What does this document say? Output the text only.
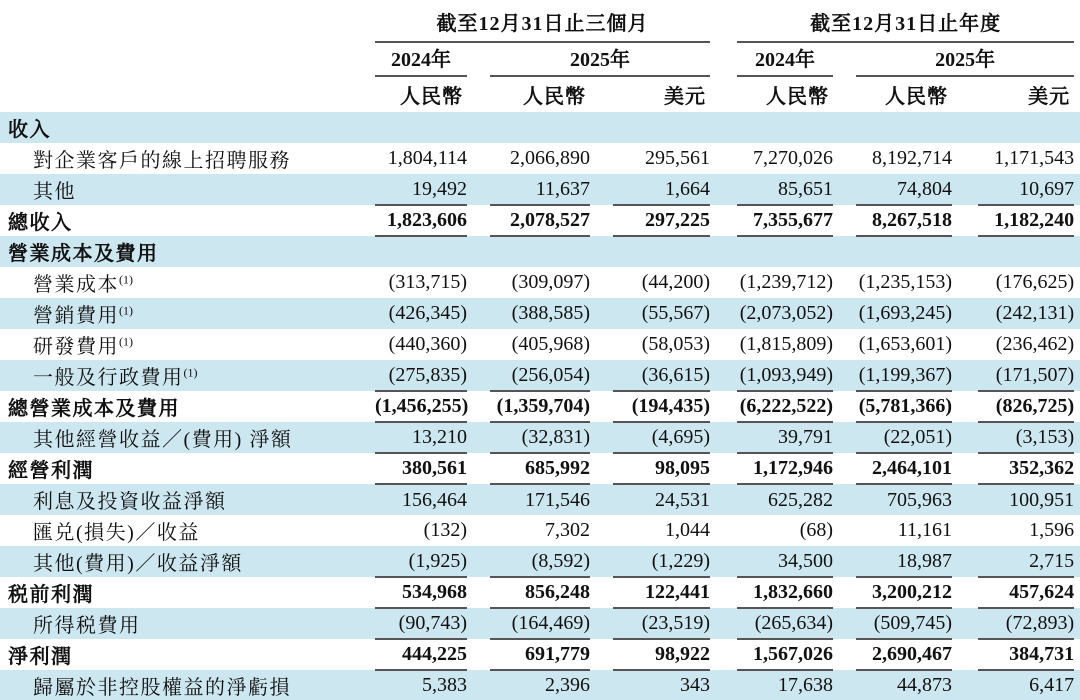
	截至12月31日止三個月						截至12月31日止年度					
	2024年		2025年				2024年		2025年			
	人民幣		人民幣		美元		人民幣		人民幣		美元	
收入												
對企業客戶的線上招聘服務	1,804,114		2,066,890		295,561		7,270,026		8,192,714		1,171,543	
其他	19,492		11,637		1,664		85,651		74,804		10,697	
總收入	1,823,606		2,078,527		297,225		7,355,677		8,267,518		1,182,240	
營業成本及費用												
營業成本$^{(1)}$	(313,715)		(309,097)		(44,200)		(1,239,712)		(1,235,153)		(176,625)	
營銷費用$^{(1)}$	(426,345)		(388,585)		(55,567)		(2,073,052)		(1,693,245)		(242,131)	
研發費用$^{(1)}$	(440,360)		(405,968)		(58,053)		(1,815,809)		(1,653,601)		(236,462)	
一般及行政費用$^{(1)}$	(275,835)		(256,054)		(36,615)		(1,093,949)		(1,199,367)		(171,507)	
總營業成本及費用	(1,456,255)		(1,359,704)		(194,435)		(6,222,522)		(5,781,366)		(826,725)	
其他經營收益／(費用) 淨額	13,210		(32,831)		(4,695)		39,791		(22,051)		(3,153)	
經營利潤	380,561		685,992		98,095		1,172,946		2,464,101		352,362	
利息及投資收益淨額	156,464		171,546		24,531		625,282		705,963		100,951	
匯兑(損失)／收益	(132)		7,302		1,044		(68)		11,161		1,596	
其他(費用)／收益淨額	(1,925)		(8,592)		(1,229)		34,500		18,987		2,715	
税前利潤	534,968		856,248		122,441		1,832,660		3,200,212		457,624	
所得税費用	(90,743)		(164,469)		(23,519)		(265,634)		(509,745)		(72,893)	
淨利潤	444,225		691,779		98,922		1,567,026		2,690,467		384,731	
歸屬於非控股權益的淨虧損	5,383		2,396		343		17,638		44,873		6,417	
